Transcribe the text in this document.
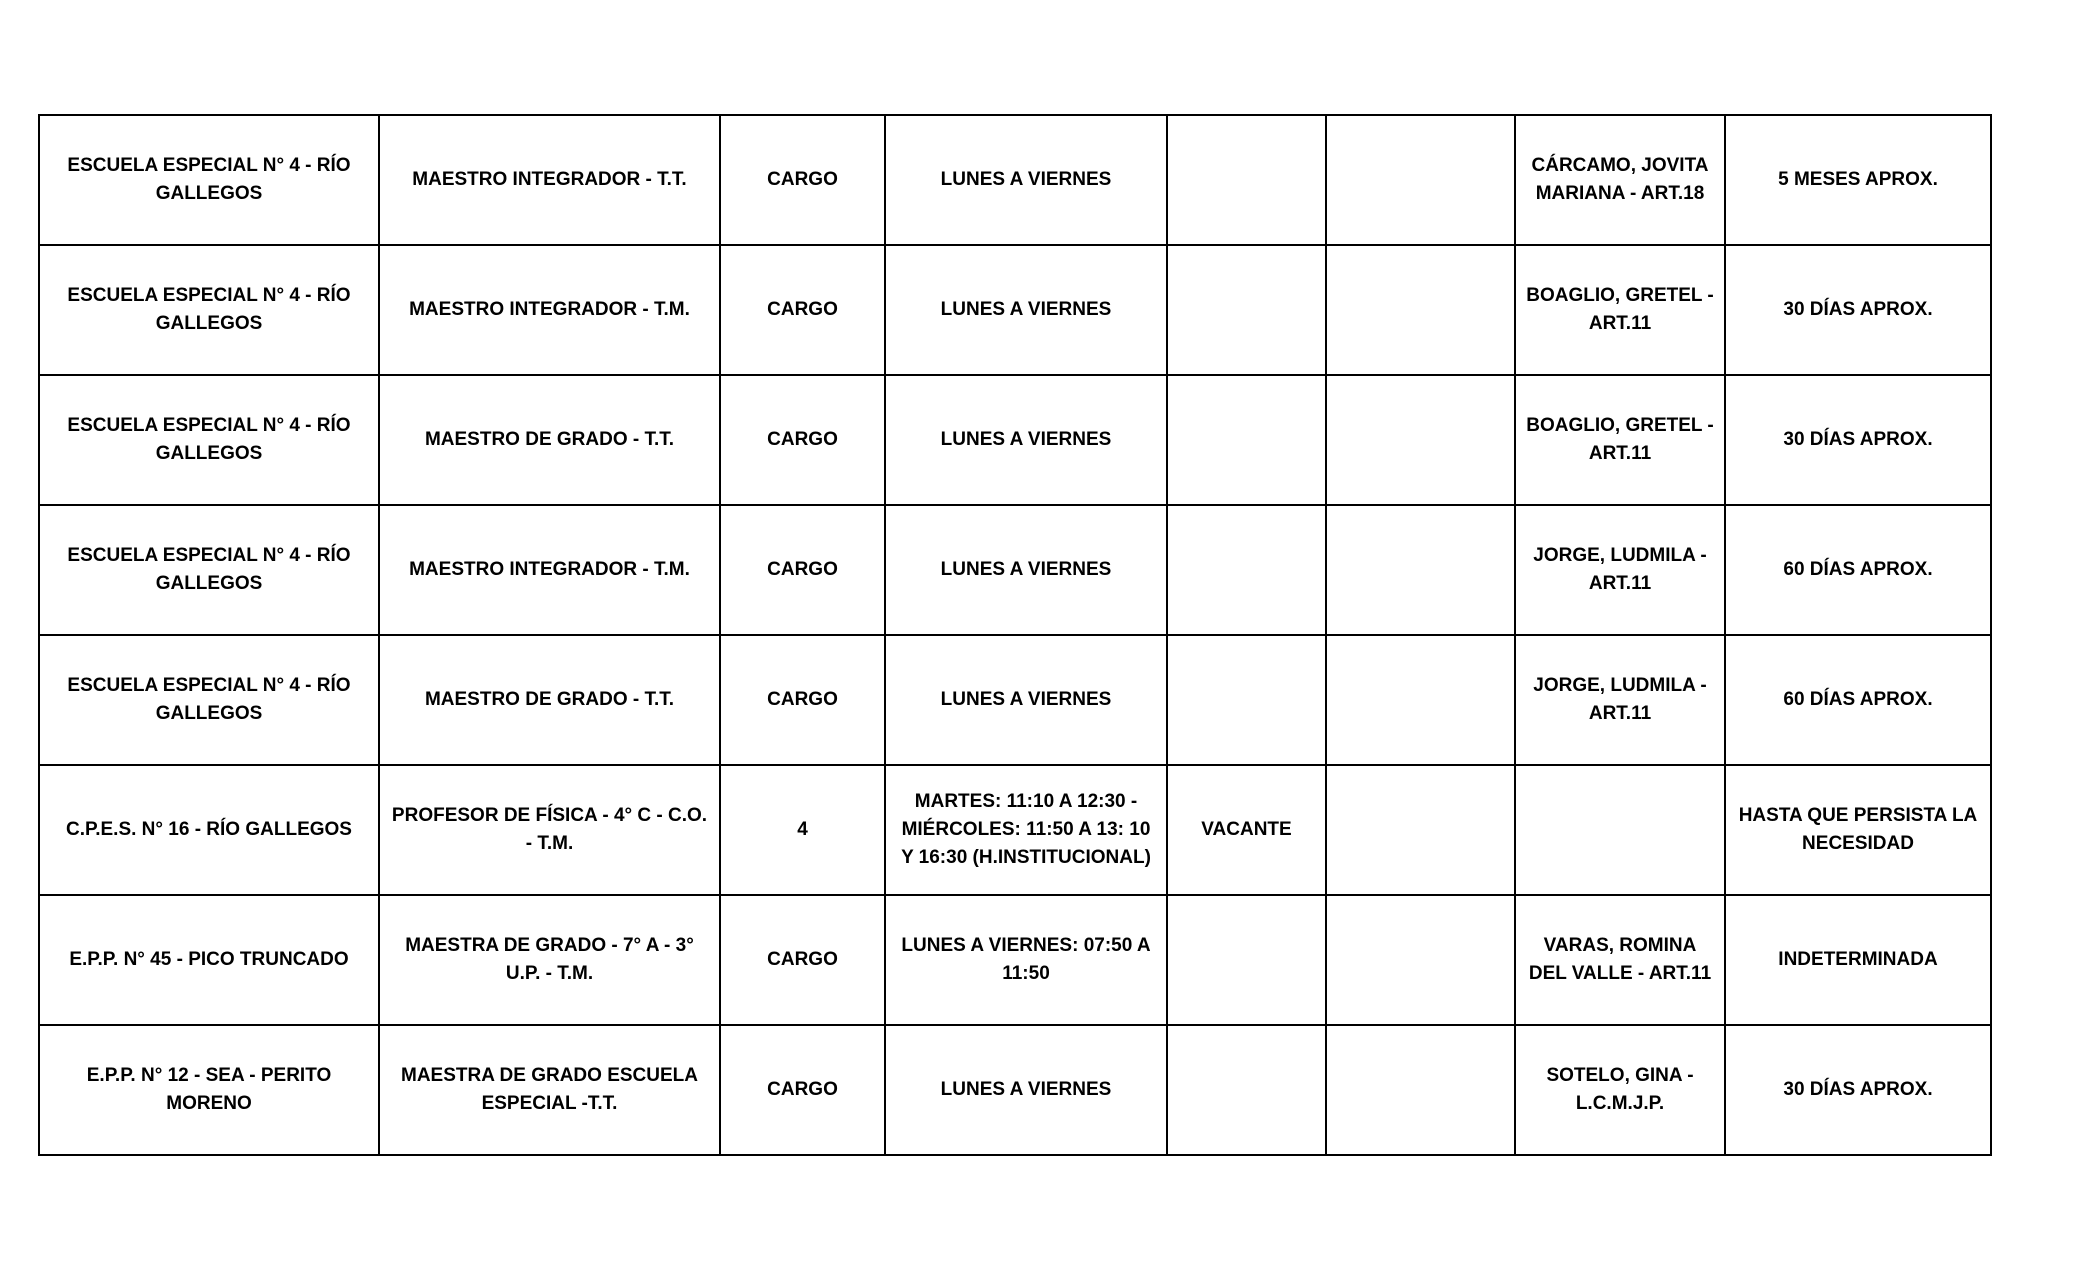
ESCUELA ESPECIAL N° 4 - RÍO GALLEGOS	MAESTRO INTEGRADOR - T.T.	CARGO	LUNES A VIERNES			CÁRCAMO, JOVITA MARIANA - ART.18	5 MESES APROX.
ESCUELA ESPECIAL N° 4 - RÍO GALLEGOS	MAESTRO INTEGRADOR - T.M.	CARGO	LUNES A VIERNES			BOAGLIO, GRETEL - ART.11	30 DÍAS APROX.
ESCUELA ESPECIAL N° 4 - RÍO GALLEGOS	MAESTRO DE GRADO - T.T.	CARGO	LUNES A VIERNES			BOAGLIO, GRETEL - ART.11	30 DÍAS APROX.
ESCUELA ESPECIAL N° 4 - RÍO GALLEGOS	MAESTRO INTEGRADOR - T.M.	CARGO	LUNES A VIERNES			JORGE, LUDMILA - ART.11	60 DÍAS APROX.
ESCUELA ESPECIAL N° 4 - RÍO GALLEGOS	MAESTRO DE GRADO - T.T.	CARGO	LUNES A VIERNES			JORGE, LUDMILA - ART.11	60 DÍAS APROX.
C.P.E.S. N° 16 - RÍO GALLEGOS	PROFESOR DE FÍSICA - 4° C - C.O. - T.M.	4	MARTES: 11:10 A 12:30 - MIÉRCOLES: 11:50 A 13: 10 Y 16:30 (H.INSTITUCIONAL)	VACANTE			HASTA QUE PERSISTA LA NECESIDAD
E.P.P. N° 45 - PICO TRUNCADO	MAESTRA DE GRADO - 7° A - 3° U.P. - T.M.	CARGO	LUNES A VIERNES: 07:50 A 11:50			VARAS, ROMINA DEL VALLE - ART.11	INDETERMINADA
E.P.P. N° 12 - SEA - PERITO MORENO	MAESTRA DE GRADO ESCUELA ESPECIAL -T.T.	CARGO	LUNES A VIERNES			SOTELO, GINA - L.C.M.J.P.	30 DÍAS APROX.
